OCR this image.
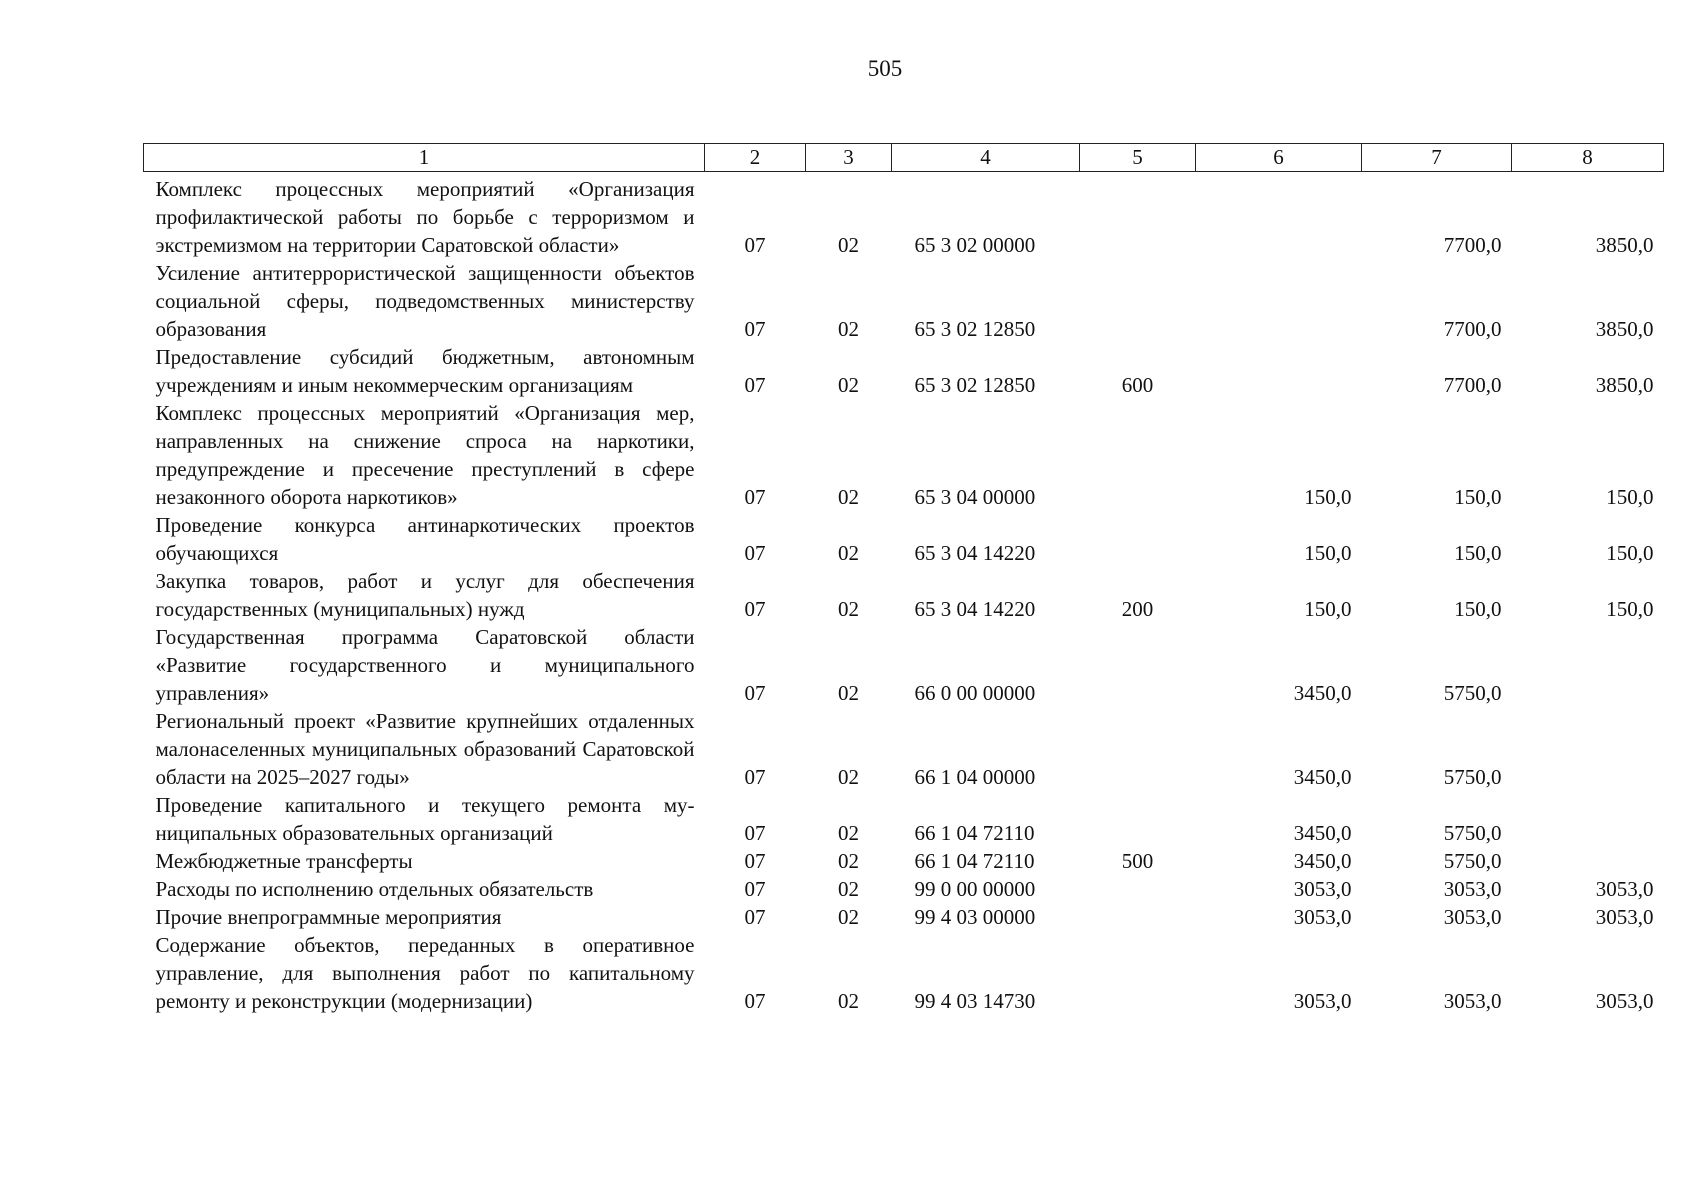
505
1	2	3	4	5	6	7	8
Комплекс процессных мероприятий «Организация профилактической работы по борьбе с терроризмом и экстремизмом на территории Саратовской области»	07	02	65 3 02 00000			7700,0	3850,0
Усиление антитеррористической защищенности объектов социальной сферы, подведомственных министерству образования	07	02	65 3 02 12850			7700,0	3850,0
Предоставление субсидий бюджетным, автономным учреждениям и иным некоммерческим организациям	07	02	65 3 02 12850	600		7700,0	3850,0
Комплекс процессных мероприятий «Организация мер, направленных на снижение спроса на наркотики, предупреждение и пресечение преступлений в сфере незаконного оборота наркотиков»	07	02	65 3 04 00000		150,0	150,0	150,0
Проведение конкурса антинаркотических проектов обучающихся	07	02	65 3 04 14220		150,0	150,0	150,0
Закупка товаров, работ и услуг для обеспечения государственных (муниципальных) нужд	07	02	65 3 04 14220	200	150,0	150,0	150,0
Государственная программа Саратовской области «Развитие государственного и муниципального управления»	07	02	66 0 00 00000		3450,0	5750,0	
Региональный проект «Развитие крупнейших отдаленных малонаселенных муниципальных образований Саратовской области на 2025–2027 годы»	07	02	66 1 04 00000		3450,0	5750,0	
Проведение капитального и текущего ремонта муниципальных образовательных организаций	07	02	66 1 04 72110		3450,0	5750,0	
Межбюджетные трансферты	07	02	66 1 04 72110	500	3450,0	5750,0	
Расходы по исполнению отдельных обязательств	07	02	99 0 00 00000		3053,0	3053,0	3053,0
Прочие внепрограммные мероприятия	07	02	99 4 03 00000		3053,0	3053,0	3053,0
Содержание объектов, переданных в оперативное управление, для выполнения работ по капитальному ремонту и реконструкции (модернизации)	07	02	99 4 03 14730		3053,0	3053,0	3053,0
